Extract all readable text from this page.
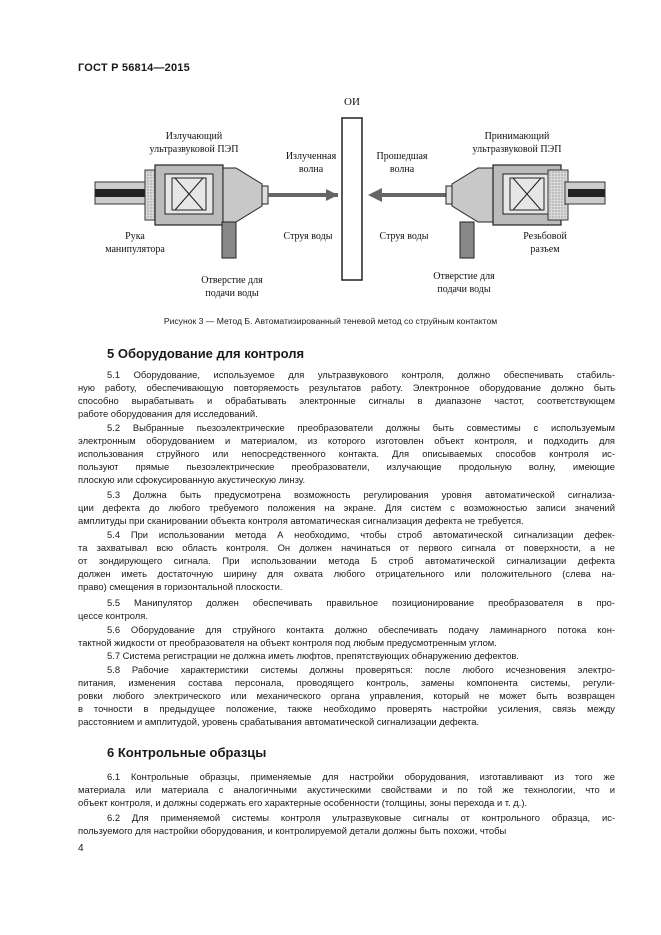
ГОСТ Р 56814—2015
ОИ
Излучающий
ультразвуковой ПЭП
Излученная
волна
Рука
манипулятора
Струя воды
Отверстие для
подачи воды
Принимающий
ультразвуковой ПЭП
Прошедшая
волна
Струя воды	Резьбовой
разъем
Отверстие для
подачи воды
Рисунок 3 — Метод Б. Автоматизированный теневой метод со струйным контактом
5 Оборудование для контроля
5.1 Оборудование, используемое для ультразвукового контроля, должно обеспечивать стабиль-
ную работу, обеспечивающую повторяемость результатов работу. Электронное оборудование должно быть
способно вырабатывать и обрабатывать электронные сигналы в диапазоне частот, соответствующем
работе оборудования для исследований.
5.2 Выбранные пьезоэлектрические преобразователи должны быть совместимы с используемым
электронным оборудованием и материалом, из которого изготовлен объект контроля, и подходить для
использования струйного или непосредственного контакта. Для описываемых способов контроля ис-
пользуют прямые пьезоэлектрические преобразователи, излучающие продольную волну, имеющие
плоскую или сфокусированную акустическую линзу.
5.3 Должна быть предусмотрена возможность регулирования уровня автоматической сигнализа-
ции дефекта до любого требуемого положения на экране. Для систем с возможностью записи значений
амплитуды при сканировании объекта контроля автоматическая сигнализация дефекта не требуется.
5.4 При использовании метода А необходимо, чтобы строб автоматической сигнализации дефек-
та захватывал всю область контроля. Он должен начинаться от первого сигнала от поверхности, а не
от зондирующего сигнала. При использовании метода Б строб автоматической сигнализации дефекта
должен иметь достаточную ширину для охвата любого отрицательного или положительного (слева на-
право) смещения в горизонтальной плоскости.
5.5 Манипулятор должен обеспечивать правильное позиционирование преобразователя в про-
цессе контроля.
5.6 Оборудование для струйного контакта должно обеспечивать подачу ламинарного потока кон-
тактной жидкости от преобразователя на объект контроля под любым предусмотренным углом.
5.7 Система регистрации не должна иметь люфтов, препятствующих обнаружению дефектов.
5.8 Рабочие характеристики системы должны проверяться: после любого исчезновения электро-
питания, изменения состава персонала, проводящего контроль, замены компонента системы, регули-
ровки любого электрического или механического органа управления, который не может быть возвращен
в точности в предыдущее положение, также необходимо проверять настройки усиления, связь между
расстоянием и амплитудой, уровень срабатывания автоматической сигнализации дефекта.
6 Контрольные образцы
6.1 Контрольные образцы, применяемые для настройки оборудования, изготавливают из того же
материала или материала с аналогичными акустическими свойствами и по той же технологии, что и
объект контроля, и должны содержать его характерные особенности (толщины, зоны перехода и т. д.).
6.2 Для применяемой системы контроля ультразвуковые сигналы от контрольного образца, ис-
пользуемого для настройки оборудования, и контролируемой детали должны быть похожи, чтобы
4
